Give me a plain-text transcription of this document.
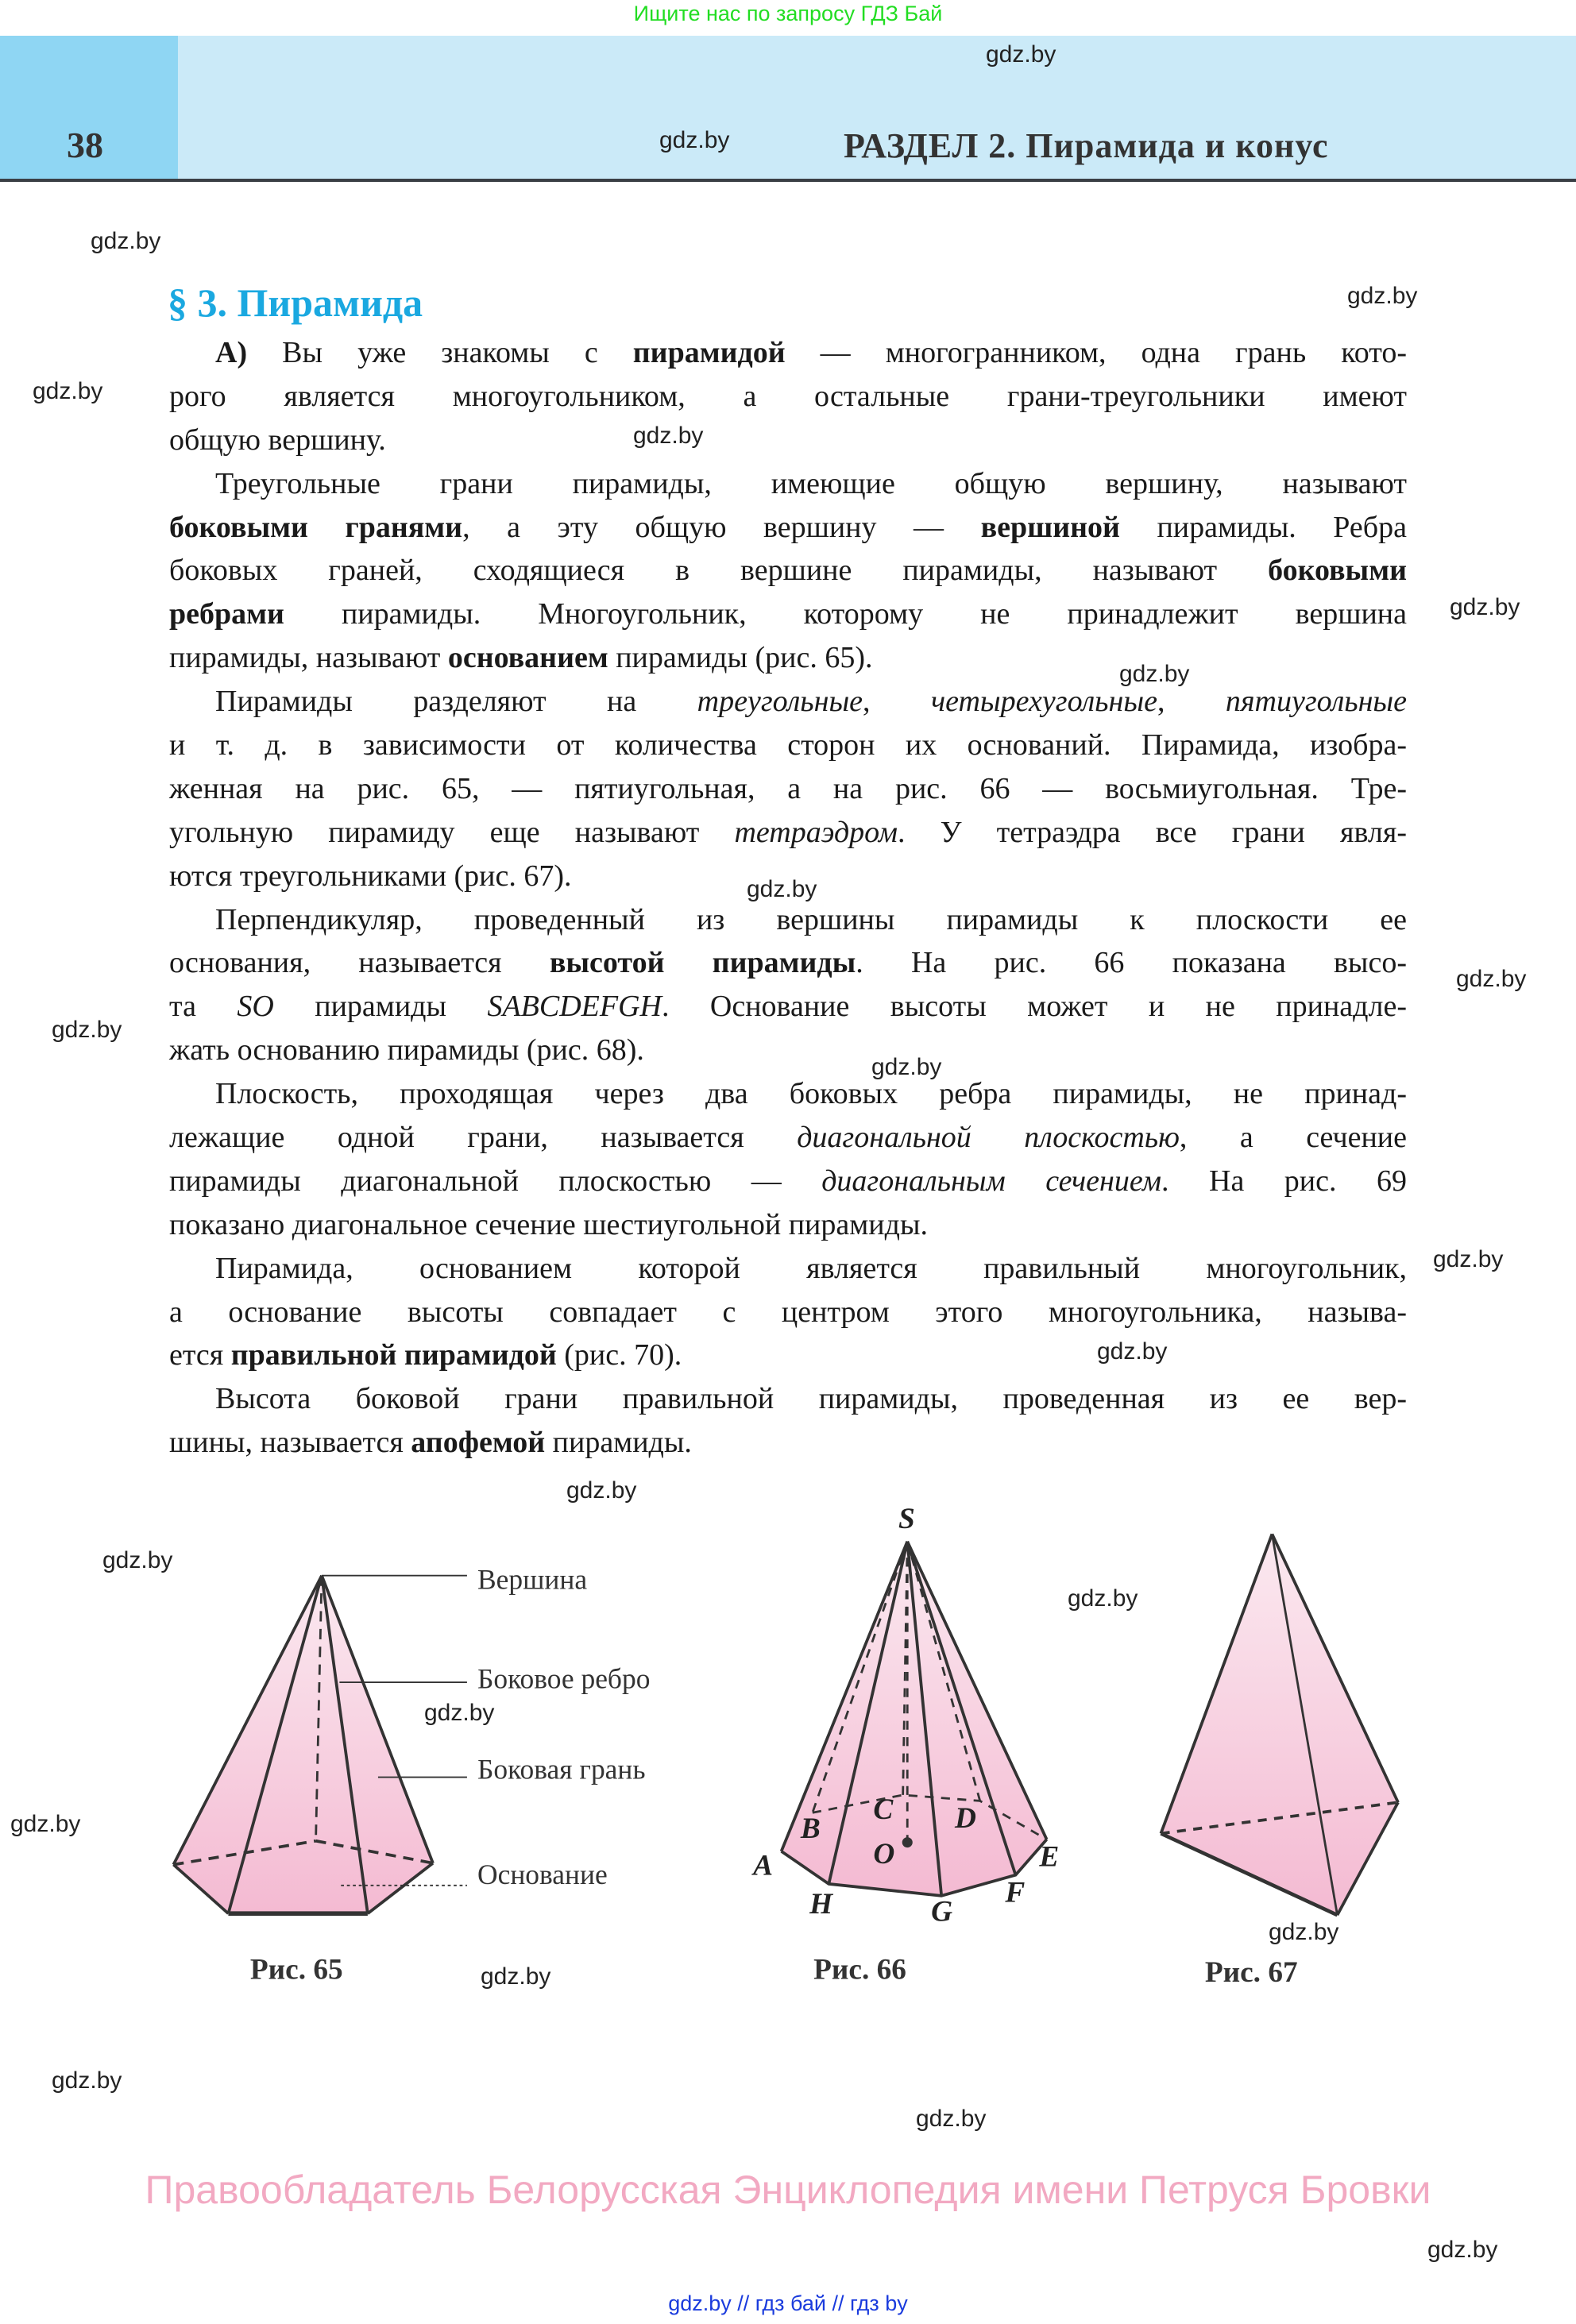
Ищите нас по запросу ГДЗ Бай
38	РАЗДЕЛ 2. Пирамида и конус
§ 3. Пирамида
А) Вы уже знакомы с пирамидой — многогранником, одна грань кото-
рого является многоугольником, а остальные грани-треугольники имеют
общую вершину.
Треугольные грани пирамиды, имеющие общую вершину, называют
боковыми гранями, а эту общую вершину — вершиной пирамиды. Ребра
боковых граней, сходящиеся в вершине пирамиды, называют боковыми
ребрами пирамиды. Многоугольник, которому не принадлежит вершина
пирамиды, называют основанием пирамиды (рис. 65).
Пирамиды разделяют на треугольные, четырехугольные, пятиугольные
и т. д. в зависимости от количества сторон их оснований. Пирамида, изобра-
женная на рис. 65, — пятиугольная, а на рис. 66 — восьмиугольная. Тре-
угольную пирамиду еще называют тетраэдром. У тетраэдра все грани явля-
ются треугольниками (рис. 67).
Перпендикуляр, проведенный из вершины пирамиды к плоскости ее
основания, называется высотой пирамиды. На рис. 66 показана высо-
та SO пирамиды SABCDEFGH. Основание высоты может и не принадле-
жать основанию пирамиды (рис. 68).
Плоскость, проходящая через два боковых ребра пирамиды, не принад-
лежащие одной грани, называется диагональной плоскостью, а сечение
пирамиды диагональной плоскостью — диагональным сечением. На рис. 69
показано диагональное сечение шестиугольной пирамиды.
Пирамида, основанием которой является правильный многоугольник,
а основание высоты совпадает с центром этого многоугольника, называ-
ется правильной пирамидой (рис. 70).
Высота боковой грани правильной пирамиды, проведенная из ее вер-
шины, называется апофемой пирамиды.
Вершина
Боковое ребро
Боковая грань
Основание
Рис. 65
S
A
B
C	D
O	E
H	F
G
Рис. 66	Рис. 67
gdz.by
gdz.by
gdz.by
gdz.by
gdz.by
gdz.by
gdz.by
gdz.by
gdz.by
gdz.by
gdz.by
gdz.by
gdz.by
gdz.by
gdz.by
gdz.by
gdz.by
gdz.by
gdz.by
gdz.by
gdz.by
gdz.by
gdz.by
gdz.by
Правообладатель Белорусская Энциклопедия имени Петруся Бровки
gdz.by // гдз бай // гдз by
